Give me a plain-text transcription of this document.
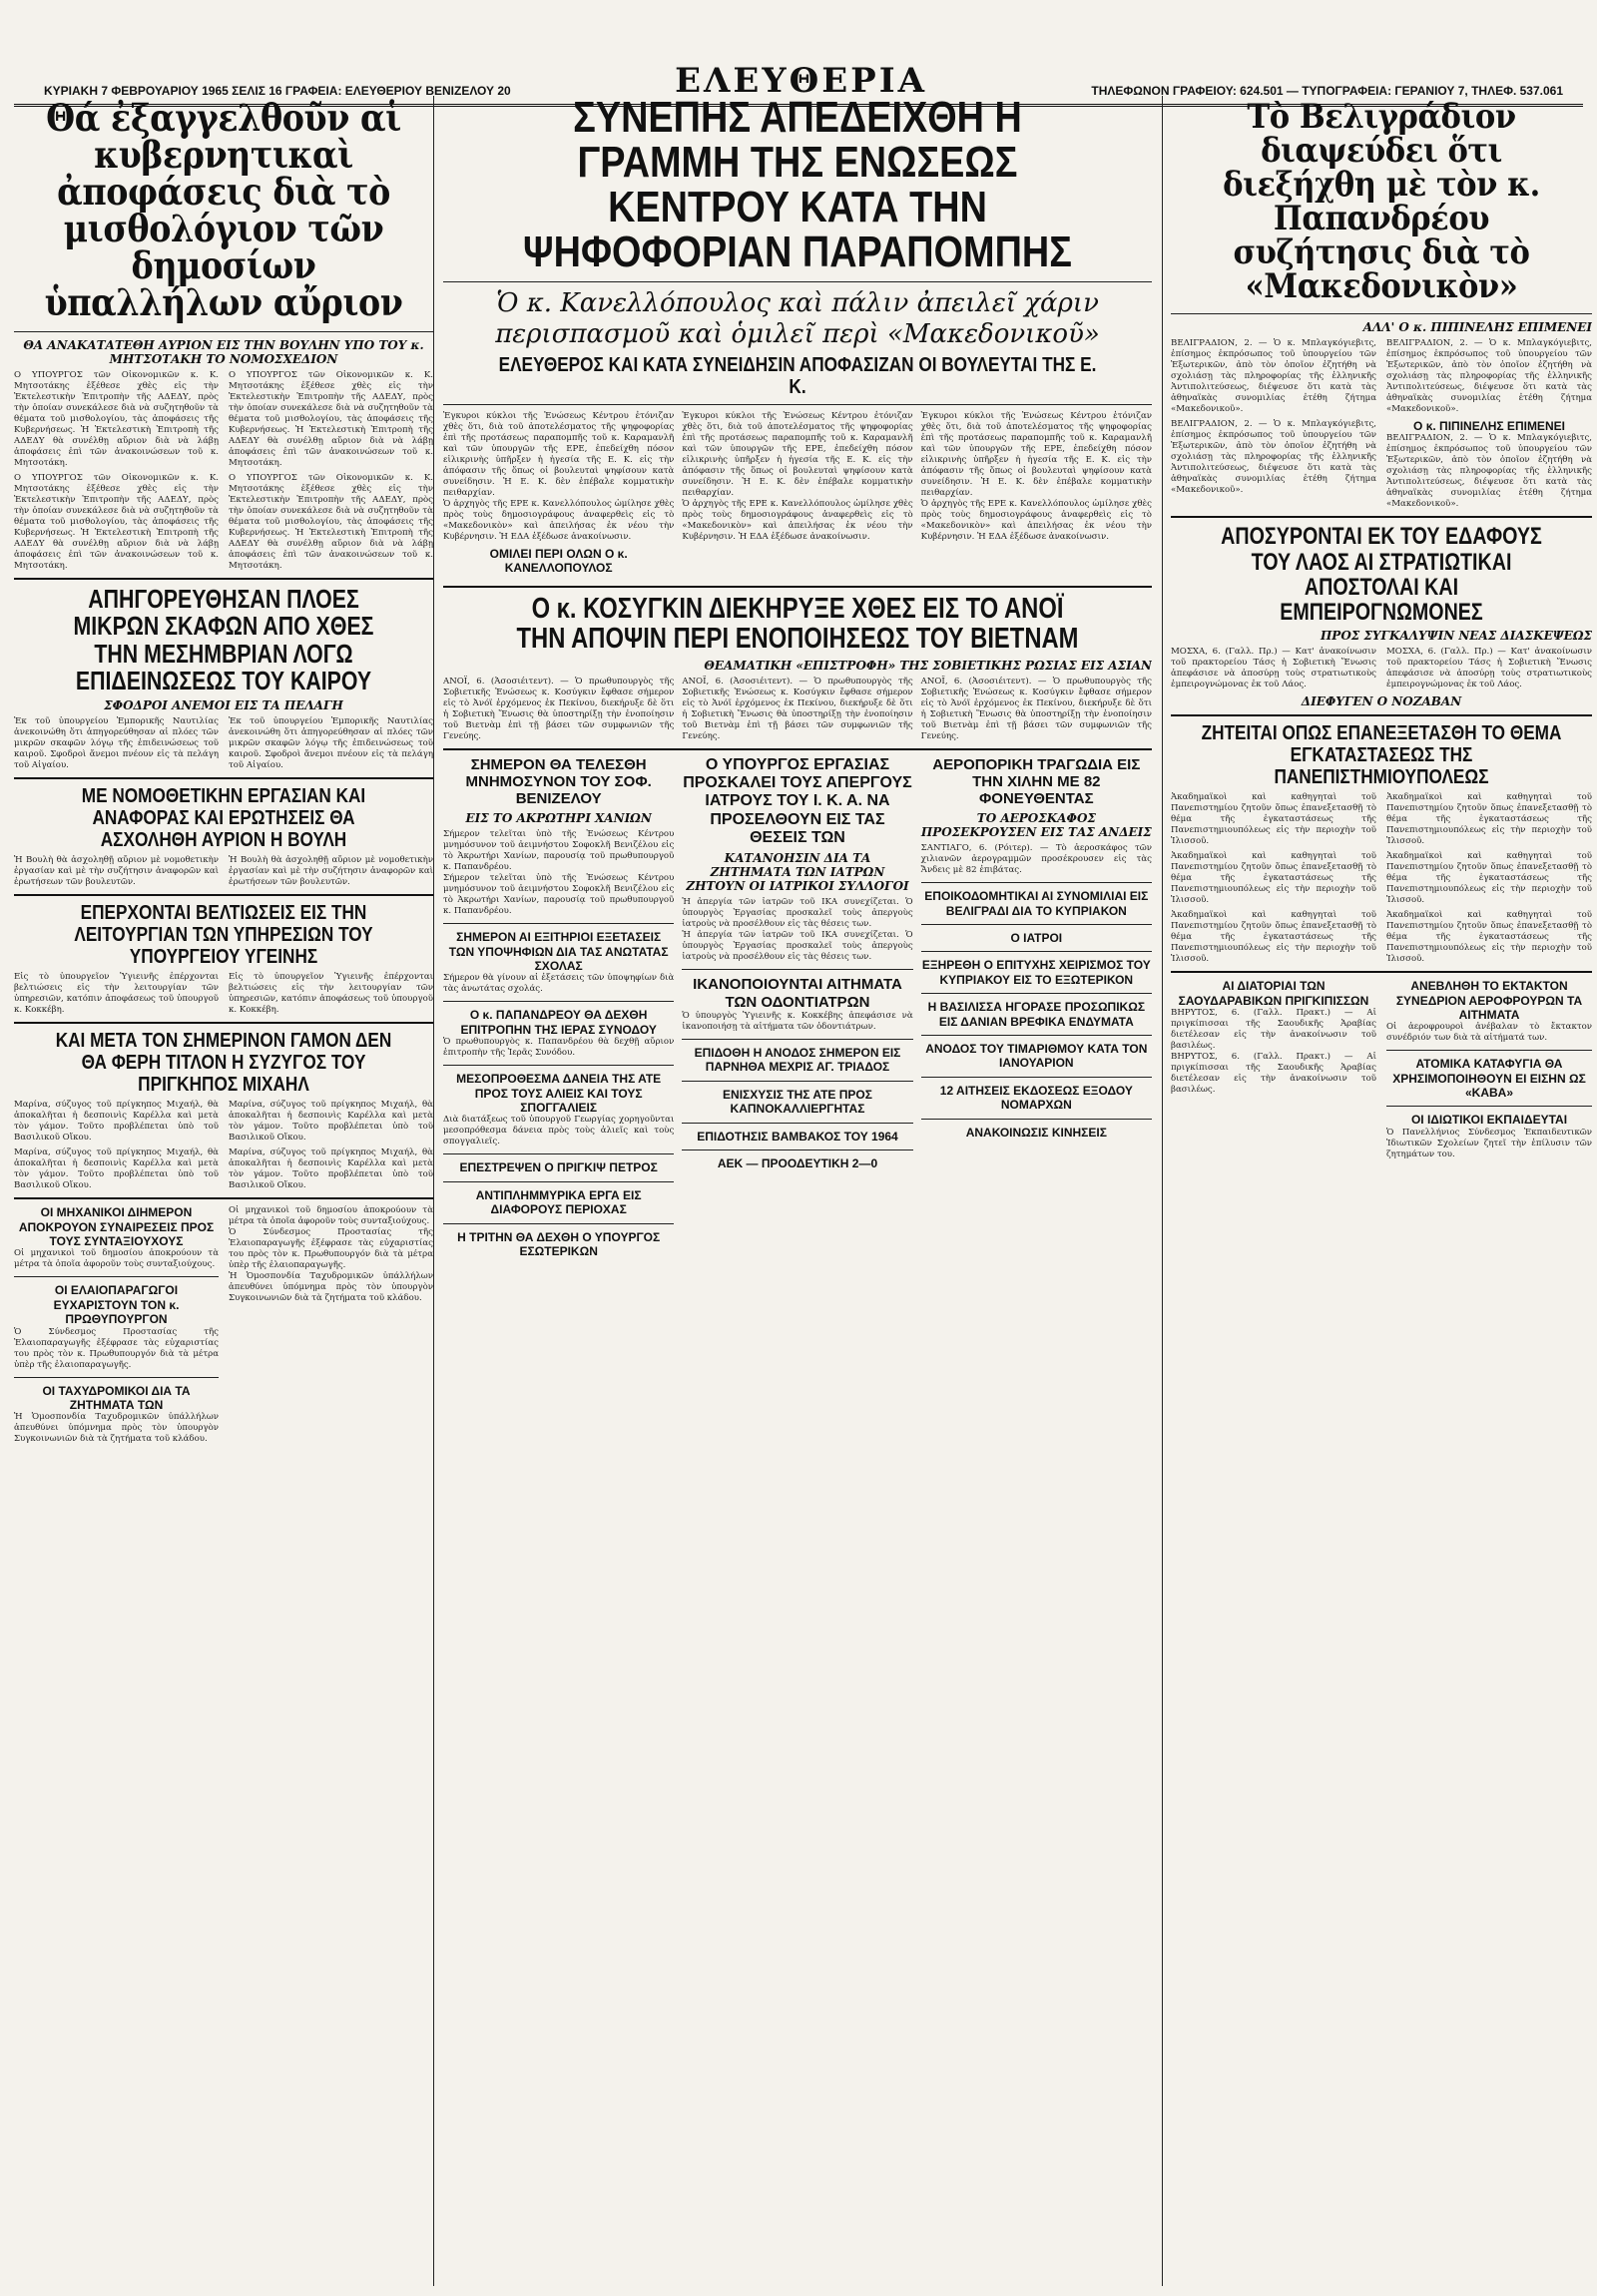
ΚΥΡΙΑΚΗ 7 ΦΕΒΡΟΥΑΡΙΟΥ 1965 ΣΕΛΙΣ 16 ΓΡΑΦΕΙΑ: ΕΛΕΥΘΕΡΙΟΥ ΒΕΝΙΖΕΛΟΥ 20	ΕΛΕΥΘΕΡΙΑ	ΤΗΛΕΦΩΝΟΝ ΓΡΑΦΕΙΟΥ: 624.501 — ΤΥΠΟΓΡΑΦΕΙΑ: ΓΕΡΑΝΙΟΥ 7, ΤΗΛΕΦ. 537.061
Θά ἐξαγγελθοῦν αἱ κυβερνητικαὶ ἀποφάσεις διὰ τὸ μισθολόγιον τῶν δημοσίων ὑπαλλήλων αὔριον
ΘΑ ΑΝΑΚΑΤΑΤΕΘΗ ΑΥΡΙΟΝ ΕΙΣ ΤΗΝ ΒΟΥΛΗΝ ΥΠΟ ΤΟΥ κ. ΜΗΤΣΟΤΑΚΗ ΤΟ ΝΟΜΟΣΧΕΔΙΟΝ
Ο ΥΠΟΥΡΓΟΣ τῶν Οἰκονομικῶν κ. Κ. Μητσοτάκης ἐξέθεσε χθὲς εἰς τὴν Ἐκτελεστικὴν Ἐπιτροπὴν τῆς ΑΔΕΔΥ, πρὸς τὴν ὁποίαν συνεκάλεσε διὰ νὰ συζητηθοῦν τὰ θέματα τοῦ μισθολογίου, τὰς ἀποφάσεις τῆς Κυβερνήσεως. Ἡ Ἐκτελεστικὴ Ἐπιτροπὴ τῆς ΑΔΕΔΥ θὰ συνέλθῃ αὔριον διὰ νὰ λάβῃ ἀποφάσεις ἐπὶ τῶν ἀνακοινώσεων τοῦ κ. Μητσοτάκη.
Ο ΥΠΟΥΡΓΟΣ τῶν Οἰκονομικῶν κ. Κ. Μητσοτάκης ἐξέθεσε χθὲς εἰς τὴν Ἐκτελεστικὴν Ἐπιτροπὴν τῆς ΑΔΕΔΥ, πρὸς τὴν ὁποίαν συνεκάλεσε διὰ νὰ συζητηθοῦν τὰ θέματα τοῦ μισθολογίου, τὰς ἀποφάσεις τῆς Κυβερνήσεως. Ἡ Ἐκτελεστικὴ Ἐπιτροπὴ τῆς ΑΔΕΔΥ θὰ συνέλθῃ αὔριον διὰ νὰ λάβῃ ἀποφάσεις ἐπὶ τῶν ἀνακοινώσεων τοῦ κ. Μητσοτάκη.
Ο ΥΠΟΥΡΓΟΣ τῶν Οἰκονομικῶν κ. Κ. Μητσοτάκης ἐξέθεσε χθὲς εἰς τὴν Ἐκτελεστικὴν Ἐπιτροπὴν τῆς ΑΔΕΔΥ, πρὸς τὴν ὁποίαν συνεκάλεσε διὰ νὰ συζητηθοῦν τὰ θέματα τοῦ μισθολογίου, τὰς ἀποφάσεις τῆς Κυβερνήσεως. Ἡ Ἐκτελεστικὴ Ἐπιτροπὴ τῆς ΑΔΕΔΥ θὰ συνέλθῃ αὔριον διὰ νὰ λάβῃ ἀποφάσεις ἐπὶ τῶν ἀνακοινώσεων τοῦ κ. Μητσοτάκη.
Ο ΥΠΟΥΡΓΟΣ τῶν Οἰκονομικῶν κ. Κ. Μητσοτάκης ἐξέθεσε χθὲς εἰς τὴν Ἐκτελεστικὴν Ἐπιτροπὴν τῆς ΑΔΕΔΥ, πρὸς τὴν ὁποίαν συνεκάλεσε διὰ νὰ συζητηθοῦν τὰ θέματα τοῦ μισθολογίου, τὰς ἀποφάσεις τῆς Κυβερνήσεως. Ἡ Ἐκτελεστικὴ Ἐπιτροπὴ τῆς ΑΔΕΔΥ θὰ συνέλθῃ αὔριον διὰ νὰ λάβῃ ἀποφάσεις ἐπὶ τῶν ἀνακοινώσεων τοῦ κ. Μητσοτάκη.
ΑΠΗΓΟΡΕΥΘΗΣΑΝ ΠΛΟΕΣ ΜΙΚΡΩΝ ΣΚΑΦΩΝ ΑΠΟ ΧΘΕΣ ΤΗΝ ΜΕΣΗΜΒΡΙΑΝ ΛΟΓΩ ΕΠΙΔΕΙΝΩΣΕΩΣ ΤΟΥ ΚΑΙΡΟΥ
ΣΦΟΔΡΟΙ ΑΝΕΜΟΙ ΕΙΣ ΤΑ ΠΕΛΑΓΗ
Ἐκ τοῦ ὑπουργείου Ἐμπορικῆς Ναυτιλίας ἀνεκοινώθη ὅτι ἀπηγορεύθησαν αἱ πλόες τῶν μικρῶν σκαφῶν λόγῳ τῆς ἐπιδεινώσεως τοῦ καιροῦ. Σφοδροὶ ἄνεμοι πνέουν εἰς τὰ πελάγη τοῦ Αἰγαίου.
Ἐκ τοῦ ὑπουργείου Ἐμπορικῆς Ναυτιλίας ἀνεκοινώθη ὅτι ἀπηγορεύθησαν αἱ πλόες τῶν μικρῶν σκαφῶν λόγῳ τῆς ἐπιδεινώσεως τοῦ καιροῦ. Σφοδροὶ ἄνεμοι πνέουν εἰς τὰ πελάγη τοῦ Αἰγαίου.
ΜΕ ΝΟΜΟΘΕΤΙΚΗΝ ΕΡΓΑΣΙΑΝ ΚΑΙ ΑΝΑΦΟΡΑΣ ΚΑΙ ΕΡΩΤΗΣΕΙΣ ΘΑ ΑΣΧΟΛΗΘΗ ΑΥΡΙΟΝ Η ΒΟΥΛΗ
Ἡ Βουλὴ θὰ ἀσχοληθῇ αὔριον μὲ νομοθετικὴν ἐργασίαν καὶ μὲ τὴν συζήτησιν ἀναφορῶν καὶ ἐρωτήσεων τῶν βουλευτῶν.
Ἡ Βουλὴ θὰ ἀσχοληθῇ αὔριον μὲ νομοθετικὴν ἐργασίαν καὶ μὲ τὴν συζήτησιν ἀναφορῶν καὶ ἐρωτήσεων τῶν βουλευτῶν.
ΕΠΕΡΧΟΝΤΑΙ ΒΕΛΤΙΩΣΕΙΣ ΕΙΣ ΤΗΝ ΛΕΙΤΟΥΡΓΙΑΝ ΤΩΝ ΥΠΗΡΕΣΙΩΝ ΤΟΥ ΥΠΟΥΡΓΕΙΟΥ ΥΓΕΙΝΗΣ
Εἰς τὸ ὑπουργεῖον Ὑγιεινῆς ἐπέρχονται βελτιώσεις εἰς τὴν λειτουργίαν τῶν ὑπηρεσιῶν, κατόπιν ἀποφάσεως τοῦ ὑπουργοῦ κ. Κοκκέβη.
Εἰς τὸ ὑπουργεῖον Ὑγιεινῆς ἐπέρχονται βελτιώσεις εἰς τὴν λειτουργίαν τῶν ὑπηρεσιῶν, κατόπιν ἀποφάσεως τοῦ ὑπουργοῦ κ. Κοκκέβη.
ΚΑΙ ΜΕΤΑ ΤΟΝ ΣΗΜΕΡΙΝΟΝ ΓΑΜΟΝ ΔΕΝ ΘΑ ΦΕΡΗ ΤΙΤΛΟΝ Η ΣΥΖΥΓΟΣ ΤΟΥ ΠΡΙΓΚΗΠΟΣ ΜΙΧΑΗΛ
Μαρίνα, σύζυγος τοῦ πρίγκηπος Μιχαήλ, θὰ ἀποκαλῆται ἡ δεσποινὶς Καρέλλα καὶ μετὰ τὸν γάμον. Τοῦτο προβλέπεται ὑπὸ τοῦ Βασιλικοῦ Οἴκου.
Μαρίνα, σύζυγος τοῦ πρίγκηπος Μιχαήλ, θὰ ἀποκαλῆται ἡ δεσποινὶς Καρέλλα καὶ μετὰ τὸν γάμον. Τοῦτο προβλέπεται ὑπὸ τοῦ Βασιλικοῦ Οἴκου.
Μαρίνα, σύζυγος τοῦ πρίγκηπος Μιχαήλ, θὰ ἀποκαλῆται ἡ δεσποινὶς Καρέλλα καὶ μετὰ τὸν γάμον. Τοῦτο προβλέπεται ὑπὸ τοῦ Βασιλικοῦ Οἴκου.
Μαρίνα, σύζυγος τοῦ πρίγκηπος Μιχαήλ, θὰ ἀποκαλῆται ἡ δεσποινὶς Καρέλλα καὶ μετὰ τὸν γάμον. Τοῦτο προβλέπεται ὑπὸ τοῦ Βασιλικοῦ Οἴκου.
ΟΙ ΜΗΧΑΝΙΚΟΙ ΔΙΗΜΕΡΟΝ ΑΠΟΚΡΟΥΟΝ ΣΥΝΑΙΡΕΣΕΙΣ ΠΡΟΣ ΤΟΥΣ ΣΥΝΤΑΞΙΟΥΧΟΥΣ
Οἱ μηχανικοὶ τοῦ δημοσίου ἀποκρούουν τὰ μέτρα τὰ ὁποῖα ἀφοροῦν τοὺς συνταξιούχους.
ΟΙ ΕΛΑΙΟΠΑΡΑΓΩΓΟΙ ΕΥΧΑΡΙΣΤΟΥΝ ΤΟΝ κ. ΠΡΩΘΥΠΟΥΡΓΟΝ
Ὁ Σύνδεσμος Προστασίας τῆς Ἐλαιοπαραγωγῆς ἐξέφρασε τὰς εὐχαριστίας του πρὸς τὸν κ. Πρωθυπουργόν διὰ τὰ μέτρα ὑπὲρ τῆς ἐλαιοπαραγωγῆς.
ΟΙ ΤΑΧΥΔΡΟΜΙΚΟΙ ΔΙΑ ΤΑ ΖΗΤΗΜΑΤΑ ΤΩΝ
Ἡ Ὁμοσπονδία Ταχυδρομικῶν ὑπάλλήλων ἀπευθύνει ὑπόμνημα πρὸς τὸν ὑπουργὸν Συγκοινωνιῶν διὰ τὰ ζητήματα τοῦ κλάδου.
Οἱ μηχανικοὶ τοῦ δημοσίου ἀποκρούουν τὰ μέτρα τὰ ὁποῖα ἀφοροῦν τοὺς συνταξιούχους.
Ὁ Σύνδεσμος Προστασίας τῆς Ἐλαιοπαραγωγῆς ἐξέφρασε τὰς εὐχαριστίας του πρὸς τὸν κ. Πρωθυπουργόν διὰ τὰ μέτρα ὑπὲρ τῆς ἐλαιοπαραγωγῆς.
Ἡ Ὁμοσπονδία Ταχυδρομικῶν ὑπάλλήλων ἀπευθύνει ὑπόμνημα πρὸς τὸν ὑπουργὸν Συγκοινωνιῶν διὰ τὰ ζητήματα τοῦ κλάδου.
ΣΥΝΕΠΗΣ ΑΠΕΔΕΙΧΘΗ Η ΓΡΑΜΜΗ ΤΗΣ ΕΝΩΣΕΩΣ ΚΕΝΤΡΟΥ ΚΑΤΑ ΤΗΝ ΨΗΦΟΦΟΡΙΑΝ ΠΑΡΑΠΟΜΠΗΣ
Ὁ κ. Κανελλόπουλος καὶ πάλιν ἀπειλεῖ χάριν περισπασμοῦ καὶ ὁμιλεῖ περὶ «Μακεδονικοῦ»
ΕΛΕΥΘΕΡΟΣ ΚΑΙ ΚΑΤΑ ΣΥΝΕΙΔΗΣΙΝ ΑΠΟΦΑΣΙΖΑΝ ΟΙ ΒΟΥΛΕΥΤΑΙ ΤΗΣ Ε. Κ.
Ἐγκυροι κύκλοι τῆς Ἑνώσεως Κέντρου ἐτόνιζαν χθὲς ὅτι, διὰ τοῦ ἀποτελέσματος τῆς ψηφοφορίας ἐπὶ τῆς προτάσεως παραπομπῆς τοῦ κ. Καραμανλῆ καὶ τῶν ὑπουργῶν τῆς ΕΡΕ, ἐπεδείχθη πόσον εἰλικρινὴς ὑπῆρξεν ἡ ἡγεσία τῆς Ε. Κ. εἰς τὴν ἀπόφασιν τῆς ὅπως οἱ βουλευταὶ ψηφίσουν κατὰ συνείδησιν. Ἡ Ε. Κ. δὲν ἐπέβαλε κομματικὴν πειθαρχίαν.
Ὁ ἀρχηγὸς τῆς ΕΡΕ κ. Κανελλόπουλος ὡμίλησε χθὲς πρὸς τοὺς δημοσιογράφους ἀναφερθεὶς εἰς τὸ «Μακεδονικὸν» καὶ ἀπειλήσας ἐκ νέου τὴν Κυβέρνησιν. Ἡ ΕΔΑ ἐξέδωσε ἀνακοίνωσιν.
ΟΜΙΛΕΙ ΠΕΡΙ ΟΛΩΝ Ο κ. ΚΑΝΕΛΛΟΠΟΥΛΟΣ
Ἐγκυροι κύκλοι τῆς Ἑνώσεως Κέντρου ἐτόνιζαν χθὲς ὅτι, διὰ τοῦ ἀποτελέσματος τῆς ψηφοφορίας ἐπὶ τῆς προτάσεως παραπομπῆς τοῦ κ. Καραμανλῆ καὶ τῶν ὑπουργῶν τῆς ΕΡΕ, ἐπεδείχθη πόσον εἰλικρινὴς ὑπῆρξεν ἡ ἡγεσία τῆς Ε. Κ. εἰς τὴν ἀπόφασιν τῆς ὅπως οἱ βουλευταὶ ψηφίσουν κατὰ συνείδησιν. Ἡ Ε. Κ. δὲν ἐπέβαλε κομματικὴν πειθαρχίαν.
Ὁ ἀρχηγὸς τῆς ΕΡΕ κ. Κανελλόπουλος ὡμίλησε χθὲς πρὸς τοὺς δημοσιογράφους ἀναφερθεὶς εἰς τὸ «Μακεδονικὸν» καὶ ἀπειλήσας ἐκ νέου τὴν Κυβέρνησιν. Ἡ ΕΔΑ ἐξέδωσε ἀνακοίνωσιν.
Ἐγκυροι κύκλοι τῆς Ἑνώσεως Κέντρου ἐτόνιζαν χθὲς ὅτι, διὰ τοῦ ἀποτελέσματος τῆς ψηφοφορίας ἐπὶ τῆς προτάσεως παραπομπῆς τοῦ κ. Καραμανλῆ καὶ τῶν ὑπουργῶν τῆς ΕΡΕ, ἐπεδείχθη πόσον εἰλικρινὴς ὑπῆρξεν ἡ ἡγεσία τῆς Ε. Κ. εἰς τὴν ἀπόφασιν τῆς ὅπως οἱ βουλευταὶ ψηφίσουν κατὰ συνείδησιν. Ἡ Ε. Κ. δὲν ἐπέβαλε κομματικὴν πειθαρχίαν.
Ὁ ἀρχηγὸς τῆς ΕΡΕ κ. Κανελλόπουλος ὡμίλησε χθὲς πρὸς τοὺς δημοσιογράφους ἀναφερθεὶς εἰς τὸ «Μακεδονικὸν» καὶ ἀπειλήσας ἐκ νέου τὴν Κυβέρνησιν. Ἡ ΕΔΑ ἐξέδωσε ἀνακοίνωσιν.
Ο κ. ΚΟΣΥΓΚΙΝ ΔΙΕΚΗΡΥΞΕ ΧΘΕΣ ΕΙΣ ΤΟ ΑΝΟΪ ΤΗΝ ΑΠΟΨΙΝ ΠΕΡΙ ΕΝΟΠΟΙΗΣΕΩΣ ΤΟΥ ΒΙΕΤΝΑΜ
ΘΕΑΜΑΤΙΚΗ «ΕΠΙΣΤΡΟΦΗ» ΤΗΣ ΣΟΒΙΕΤΙΚΗΣ ΡΩΣΙΑΣ ΕΙΣ ΑΣΙΑΝ
ΑΝΟΪ, 6. (Ἀσοσιέιτεντ). — Ὁ πρωθυπουργὸς τῆς Σοβιετικῆς Ἑνώσεως κ. Κοσύγκιν ἔφθασε σήμερον εἰς τὸ Ἀνόϊ ἐρχόμενος ἐκ Πεκίνου, διεκήρυξε δὲ ὅτι ἡ Σοβιετικὴ Ἕνωσις θὰ ὑποστηρίξῃ τὴν ἐνοποίησιν τοῦ Βιετνὰμ ἐπὶ τῇ βάσει τῶν συμφωνιῶν τῆς Γενεύης.
ΑΝΟΪ, 6. (Ἀσοσιέιτεντ). — Ὁ πρωθυπουργὸς τῆς Σοβιετικῆς Ἑνώσεως κ. Κοσύγκιν ἔφθασε σήμερον εἰς τὸ Ἀνόϊ ἐρχόμενος ἐκ Πεκίνου, διεκήρυξε δὲ ὅτι ἡ Σοβιετικὴ Ἕνωσις θὰ ὑποστηρίξῃ τὴν ἐνοποίησιν τοῦ Βιετνὰμ ἐπὶ τῇ βάσει τῶν συμφωνιῶν τῆς Γενεύης.
ΑΝΟΪ, 6. (Ἀσοσιέιτεντ). — Ὁ πρωθυπουργὸς τῆς Σοβιετικῆς Ἑνώσεως κ. Κοσύγκιν ἔφθασε σήμερον εἰς τὸ Ἀνόϊ ἐρχόμενος ἐκ Πεκίνου, διεκήρυξε δὲ ὅτι ἡ Σοβιετικὴ Ἕνωσις θὰ ὑποστηρίξῃ τὴν ἐνοποίησιν τοῦ Βιετνὰμ ἐπὶ τῇ βάσει τῶν συμφωνιῶν τῆς Γενεύης.
ΣΗΜΕΡΟΝ ΘΑ ΤΕΛΕΣΘΗ ΜΝΗΜΟΣΥΝΟΝ ΤΟΥ ΣΟΦ. ΒΕΝΙΖΕΛΟΥ
ΕΙΣ ΤΟ ΑΚΡΩΤΗΡΙ ΧΑΝΙΩΝ
Σήμερον τελεῖται ὑπὸ τῆς Ἑνώσεως Κέντρου μνημόσυνον τοῦ ἀειμνήστου Σοφοκλῆ Βενιζέλου εἰς τὸ Ἀκρωτήρι Χανίων, παρουσίᾳ τοῦ πρωθυπουργοῦ κ. Παπανδρέου.
Σήμερον τελεῖται ὑπὸ τῆς Ἑνώσεως Κέντρου μνημόσυνον τοῦ ἀειμνήστου Σοφοκλῆ Βενιζέλου εἰς τὸ Ἀκρωτήρι Χανίων, παρουσίᾳ τοῦ πρωθυπουργοῦ κ. Παπανδρέου.
ΣΗΜΕΡΟΝ ΑΙ ΕΞΙΤΗΡΙΟΙ ΕΞΕΤΑΣΕΙΣ ΤΩΝ ΥΠΟΨΗΦΙΩΝ ΔΙΑ ΤΑΣ ΑΝΩΤΑΤΑΣ ΣΧΟΛΑΣ
Σήμερον θὰ γίνουν αἱ ἐξετάσεις τῶν ὑποψηφίων διὰ τὰς ἀνωτάτας σχολάς.
Ο κ. ΠΑΠΑΝΔΡΕΟΥ ΘΑ ΔΕΧΘΗ ΕΠΙΤΡΟΠΗΝ ΤΗΣ ΙΕΡΑΣ ΣΥΝΟΔΟΥ
Ὁ πρωθυπουργὸς κ. Παπανδρέου θὰ δεχθῇ αὔριον ἐπιτροπὴν τῆς Ἱερᾶς Συνόδου.
ΜΕΣΟΠΡΟΘΕΣΜΑ ΔΑΝΕΙΑ ΤΗΣ ΑΤΕ ΠΡΟΣ ΤΟΥΣ ΑΛΙΕΙΣ ΚΑΙ ΤΟΥΣ ΣΠΟΓΓΑΛΙΕΙΣ
Διὰ διατάξεως τοῦ ὑπουργοῦ Γεωργίας χορηγοῦνται μεσοπρόθεσμα δάνεια πρὸς τοὺς ἁλιεῖς καὶ τοὺς σπογγαλιεῖς.
ΕΠΕΣΤΡΕΨΕΝ Ο ΠΡΙΓΚΙΨ ΠΕΤΡΟΣ
ΑΝΤΙΠΛΗΜΜΥΡΙΚΑ ΕΡΓΑ ΕΙΣ ΔΙΑΦΟΡΟΥΣ ΠΕΡΙΟΧΑΣ
Η ΤΡΙΤΗΝ ΘΑ ΔΕΧΘΗ Ο ΥΠΟΥΡΓΟΣ ΕΣΩΤΕΡΙΚΩΝ
Ο ΥΠΟΥΡΓΟΣ ΕΡΓΑΣΙΑΣ ΠΡΟΣΚΑΛΕΙ ΤΟΥΣ ΑΠΕΡΓΟΥΣ ΙΑΤΡΟΥΣ ΤΟΥ Ι. Κ. Α. ΝΑ ΠΡΟΣΕΛΘΟΥΝ ΕΙΣ ΤΑΣ ΘΕΣΕΙΣ ΤΩΝ
ΚΑΤΑΝΟΗΣΙΝ ΔΙΑ ΤΑ ΖΗΤΗΜΑΤΑ ΤΩΝ ΙΑΤΡΩΝ ΖΗΤΟΥΝ ΟΙ ΙΑΤΡΙΚΟΙ ΣΥΛΛΟΓΟΙ
Ἡ ἀπεργία τῶν ἰατρῶν τοῦ ΙΚΑ συνεχίζεται. Ὁ ὑπουργὸς Ἐργασίας προσκαλεῖ τοὺς ἀπεργοὺς ἰατροὺς νὰ προσέλθουν εἰς τὰς θέσεις των.
Ἡ ἀπεργία τῶν ἰατρῶν τοῦ ΙΚΑ συνεχίζεται. Ὁ ὑπουργὸς Ἐργασίας προσκαλεῖ τοὺς ἀπεργοὺς ἰατροὺς νὰ προσέλθουν εἰς τὰς θέσεις των.
ΙΚΑΝΟΠΟΙΟΥΝΤΑΙ ΑΙΤΗΜΑΤΑ ΤΩΝ ΟΔΟΝΤΙΑΤΡΩΝ
Ὁ ὑπουργὸς Ὑγιεινῆς κ. Κοκκέβης ἀπεφάσισε νὰ ἱκανοποιήσῃ τὰ αἰτήματα τῶν ὀδοντιάτρων.
ΕΠΙΔΟΘΗ Η ΑΝΟΔΟΣ ΣΗΜΕΡΟΝ ΕΙΣ ΠΑΡΝΗΘΑ ΜΕΧΡΙΣ ΑΓ. ΤΡΙΑΔΟΣ
ΕΝΙΣΧΥΣΙΣ ΤΗΣ ΑΤΕ ΠΡΟΣ ΚΑΠΝΟΚΑΛΛΙΕΡΓΗΤΑΣ
ΕΠΙΔΟΤΗΣΙΣ ΒΑΜΒΑΚΟΣ ΤΟΥ 1964
ΑΕΚ — ΠΡΟΟΔΕΥΤΙΚΗ 2—0
ΑΕΡΟΠΟΡΙΚΗ ΤΡΑΓΩΔΙΑ ΕΙΣ ΤΗΝ ΧΙΛΗΝ ΜΕ 82 ΦΟΝΕΥΘΕΝΤΑΣ
ΤΟ ΑΕΡΟΣΚΑΦΟΣ ΠΡΟΣΕΚΡΟΥΣΕΝ ΕΙΣ ΤΑΣ ΑΝΔΕΙΣ
ΣΑΝΤΙΑΓΟ, 6. (Ρόιτερ). — Τὸ ἀεροσκάφος τῶν χιλιανῶν ἀερογραμμῶν προσέκρουσεν εἰς τὰς Ἄνδεις μὲ 82 ἐπιβάτας.
ΕΠΟΙΚΟΔΟΜΗΤΙΚΑΙ ΑΙ ΣΥΝΟΜΙΛΙΑΙ ΕΙΣ ΒΕΛΙΓΡΑΔΙ ΔΙΑ ΤΟ ΚΥΠΡΙΑΚΟΝ
Ο ΙΑΤΡΟΙ
ΕΞΗΡΕΘΗ Ο ΕΠΙΤΥΧΗΣ ΧΕΙΡΙΣΜΟΣ ΤΟΥ ΚΥΠΡΙΑΚΟΥ ΕΙΣ ΤΟ ΕΞΩΤΕΡΙΚΟΝ
Η ΒΑΣΙΛΙΣΣΑ ΗΓΟΡΑΣΕ ΠΡΟΣΩΠΙΚΩΣ ΕΙΣ ΔΑΝΙΑΝ ΒΡΕΦΙΚΑ ΕΝΔΥΜΑΤΑ
ΑΝΟΔΟΣ ΤΟΥ ΤΙΜΑΡΙΘΜΟΥ ΚΑΤΑ ΤΟΝ ΙΑΝΟΥΑΡΙΟΝ
12 ΑΙΤΗΣΕΙΣ ΕΚΔΟΣΕΩΣ ΕΞΟΔΟΥ ΝΟΜΑΡΧΩΝ
ΑΝΑΚΟΙΝΩΣΙΣ ΚΙΝΗΣΕΙΣ
Τὸ Βελιγράδιον διαψεύδει ὅτι διεξήχθη μὲ τὸν κ. Παπανδρέου συζήτησις διὰ τὸ «Μακεδονικὸν»
ΑΛΛ' Ο κ. ΠΙΠΙΝΕΛΗΣ ΕΠΙΜΕΝΕΙ
ΒΕΛΙΓΡΑΔΙΟΝ, 2. — Ὁ κ. Μπλαγκόγιεβιτς, ἐπίσημος ἐκπρόσωπος τοῦ ὑπουργείου τῶν Ἐξωτερικῶν, ἀπὸ τὸν ὁποῖον ἐζητήθη νὰ σχολιάσῃ τὰς πληροφορίας τῆς ἑλληνικῆς Ἀντιπολιτεύσεως, διέψευσε ὅτι κατὰ τὰς ἀθηναϊκὰς συνομιλίας ἐτέθη ζήτημα «Μακεδονικοῦ».
ΒΕΛΙΓΡΑΔΙΟΝ, 2. — Ὁ κ. Μπλαγκόγιεβιτς, ἐπίσημος ἐκπρόσωπος τοῦ ὑπουργείου τῶν Ἐξωτερικῶν, ἀπὸ τὸν ὁποῖον ἐζητήθη νὰ σχολιάσῃ τὰς πληροφορίας τῆς ἑλληνικῆς Ἀντιπολιτεύσεως, διέψευσε ὅτι κατὰ τὰς ἀθηναϊκὰς συνομιλίας ἐτέθη ζήτημα «Μακεδονικοῦ».
ΒΕΛΙΓΡΑΔΙΟΝ, 2. — Ὁ κ. Μπλαγκόγιεβιτς, ἐπίσημος ἐκπρόσωπος τοῦ ὑπουργείου τῶν Ἐξωτερικῶν, ἀπὸ τὸν ὁποῖον ἐζητήθη νὰ σχολιάσῃ τὰς πληροφορίας τῆς ἑλληνικῆς Ἀντιπολιτεύσεως, διέψευσε ὅτι κατὰ τὰς ἀθηναϊκὰς συνομιλίας ἐτέθη ζήτημα «Μακεδονικοῦ».
Ο κ. ΠΙΠΙΝΕΛΗΣ ΕΠΙΜΕΝΕΙ
ΒΕΛΙΓΡΑΔΙΟΝ, 2. — Ὁ κ. Μπλαγκόγιεβιτς, ἐπίσημος ἐκπρόσωπος τοῦ ὑπουργείου τῶν Ἐξωτερικῶν, ἀπὸ τὸν ὁποῖον ἐζητήθη νὰ σχολιάσῃ τὰς πληροφορίας τῆς ἑλληνικῆς Ἀντιπολιτεύσεως, διέψευσε ὅτι κατὰ τὰς ἀθηναϊκὰς συνομιλίας ἐτέθη ζήτημα «Μακεδονικοῦ».
ΑΠΟΣΥΡΟΝΤΑΙ ΕΚ ΤΟΥ ΕΔΑΦΟΥΣ ΤΟΥ ΛΑΟΣ ΑΙ ΣΤΡΑΤΙΩΤΙΚΑΙ ΑΠΟΣΤΟΛΑΙ ΚΑΙ ΕΜΠΕΙΡΟΓΝΩΜΟΝΕΣ
ΠΡΟΣ ΣΥΓΚΑΛΥΨΙΝ ΝΕΑΣ ΔΙΑΣΚΕΨΕΩΣ
ΜΟΣΧΑ, 6. (Γαλλ. Πρ.) — Κατ' ἀνακοίνωσιν τοῦ πρακτορείου Τάσς ἡ Σοβιετικὴ Ἕνωσις ἀπεφάσισε νὰ ἀποσύρῃ τοὺς στρατιωτικοὺς ἐμπειρογνώμονας ἐκ τοῦ Λάος.
ΜΟΣΧΑ, 6. (Γαλλ. Πρ.) — Κατ' ἀνακοίνωσιν τοῦ πρακτορείου Τάσς ἡ Σοβιετικὴ Ἕνωσις ἀπεφάσισε νὰ ἀποσύρῃ τοὺς στρατιωτικοὺς ἐμπειρογνώμονας ἐκ τοῦ Λάος.
ΔΙΕΦΥΓΕΝ Ο ΝΟΖΑΒΑΝ
ΖΗΤΕΙΤΑΙ ΟΠΩΣ ΕΠΑΝΕΞΕΤΑΣΘΗ ΤΟ ΘΕΜΑ ΕΓΚΑΤΑΣΤΑΣΕΩΣ ΤΗΣ ΠΑΝΕΠΙΣΤΗΜΙΟΥΠΟΛΕΩΣ
Ἀκαδημαϊκοὶ καὶ καθηγηταὶ τοῦ Πανεπιστημίου ζητοῦν ὅπως ἐπανεξετασθῇ τὸ θέμα τῆς ἐγκαταστάσεως τῆς Πανεπιστημιουπόλεως εἰς τὴν περιοχὴν τοῦ Ἰλισσοῦ.
Ἀκαδημαϊκοὶ καὶ καθηγηταὶ τοῦ Πανεπιστημίου ζητοῦν ὅπως ἐπανεξετασθῇ τὸ θέμα τῆς ἐγκαταστάσεως τῆς Πανεπιστημιουπόλεως εἰς τὴν περιοχὴν τοῦ Ἰλισσοῦ.
Ἀκαδημαϊκοὶ καὶ καθηγηταὶ τοῦ Πανεπιστημίου ζητοῦν ὅπως ἐπανεξετασθῇ τὸ θέμα τῆς ἐγκαταστάσεως τῆς Πανεπιστημιουπόλεως εἰς τὴν περιοχὴν τοῦ Ἰλισσοῦ.
Ἀκαδημαϊκοὶ καὶ καθηγηταὶ τοῦ Πανεπιστημίου ζητοῦν ὅπως ἐπανεξετασθῇ τὸ θέμα τῆς ἐγκαταστάσεως τῆς Πανεπιστημιουπόλεως εἰς τὴν περιοχὴν τοῦ Ἰλισσοῦ.
Ἀκαδημαϊκοὶ καὶ καθηγηταὶ τοῦ Πανεπιστημίου ζητοῦν ὅπως ἐπανεξετασθῇ τὸ θέμα τῆς ἐγκαταστάσεως τῆς Πανεπιστημιουπόλεως εἰς τὴν περιοχὴν τοῦ Ἰλισσοῦ.
Ἀκαδημαϊκοὶ καὶ καθηγηταὶ τοῦ Πανεπιστημίου ζητοῦν ὅπως ἐπανεξετασθῇ τὸ θέμα τῆς ἐγκαταστάσεως τῆς Πανεπιστημιουπόλεως εἰς τὴν περιοχὴν τοῦ Ἰλισσοῦ.
ΑΙ ΔΙΑΤΟΡΙΑΙ ΤΩΝ ΣΑΟΥΔΑΡΑΒΙΚΩΝ ΠΡΙΓΚΙΠΙΣΣΩΝ
ΒΗΡΥΤΟΣ, 6. (Γαλλ. Πρακτ.) — Αἱ πριγκίπισσαι τῆς Σαουδικῆς Ἀραβίας διετέλεσαν εἰς τὴν ἀνακοίνωσιν τοῦ βασιλέως.
ΒΗΡΥΤΟΣ, 6. (Γαλλ. Πρακτ.) — Αἱ πριγκίπισσαι τῆς Σαουδικῆς Ἀραβίας διετέλεσαν εἰς τὴν ἀνακοίνωσιν τοῦ βασιλέως.
ΑΝΕΒΛΗΘΗ ΤΟ ΕΚΤΑΚΤΟΝ ΣΥΝΕΔΡΙΟΝ ΑΕΡΟΦΡΟΥΡΩΝ ΤΑ ΑΙΤΗΜΑΤΑ
Οἱ ἀεροφρουροὶ ἀνέβαλαν τὸ ἔκτακτον συνέδριόν των διὰ τὰ αἰτήματά των.
ΑΤΟΜΙΚΑ ΚΑΤΑΦΥΓΙΑ ΘΑ ΧΡΗΣΙΜΟΠΟΙΗΘΟΥΝ ΕΙ ΕΙΣΗΝ ΩΣ «ΚΑΒΑ»
ΟΙ ΙΔΙΩΤΙΚΟΙ ΕΚΠΑΙΔΕΥΤΑΙ
Ὁ Πανελλήνιος Σύνδεσμος Ἐκπαιδευτικῶν Ἰδιωτικῶν Σχολείων ζητεῖ τὴν ἐπίλυσιν τῶν ζητημάτων του.
